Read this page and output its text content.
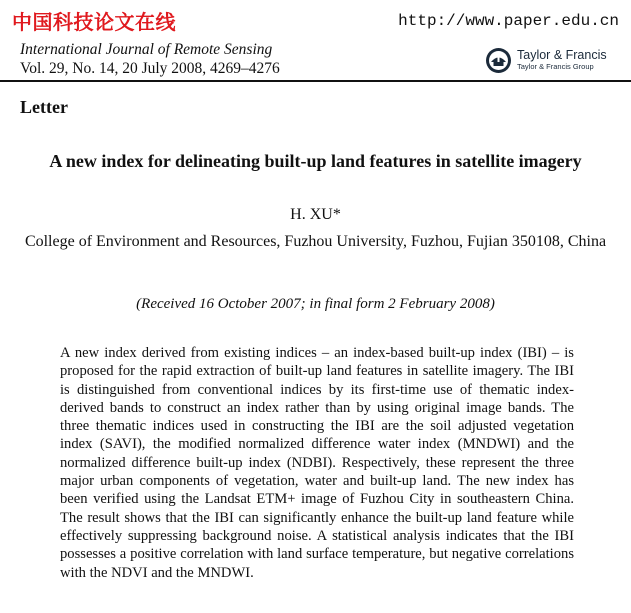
中国科技论文在线	http://www.paper.edu.cn
International Journal of Remote Sensing
Vol. 29, No. 14, 20 July 2008, 4269–4276
Taylor & Francis
Taylor & Francis Group
Letter
A new index for delineating built-up land features in satellite imagery
H. XU*
College of Environment and Resources, Fuzhou University, Fuzhou, Fujian 350108, China
(Received 16 October 2007; in final form 2 February 2008)
A new index derived from existing indices – an index-based built-up index (IBI) – is proposed for the rapid extraction of built-up land features in satellite imagery. The IBI is distinguished from conventional indices by its first-time use of thematic index-derived bands to construct an index rather than by using original image bands. The three thematic indices used in constructing the IBI are the soil adjusted vegetation index (SAVI), the modified normalized difference water index (MNDWI) and the normalized difference built-up index (NDBI). Respectively, these represent the three major urban components of vegetation, water and built-up land. The new index has been verified using the Landsat ETM+ image of Fuzhou City in southeastern China. The result shows that the IBI can significantly enhance the built-up land feature while effectively suppressing background noise. A statistical analysis indicates that the IBI possesses a positive correlation with land surface temperature, but negative correlations with the NDVI and the MNDWI.
